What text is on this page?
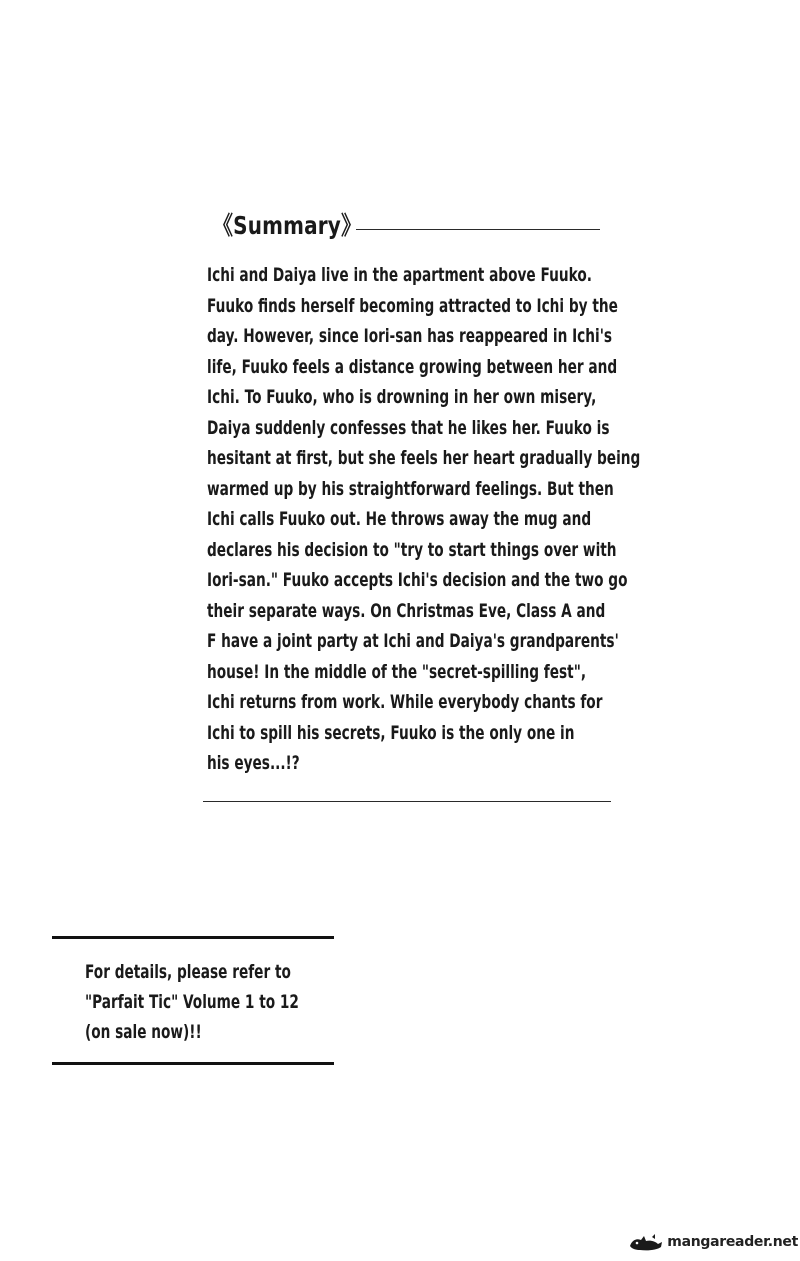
《Summary》
Ichi and Daiya live in the apartment above Fuuko.
Fuuko finds herself becoming attracted to Ichi by the
day. However, since Iori-san has reappeared in Ichi's
life, Fuuko feels a distance growing between her and
Ichi. To Fuuko, who is drowning in her own misery,
Daiya suddenly confesses that he likes her. Fuuko is
hesitant at first, but she feels her heart gradually being
warmed up by his straightforward feelings. But then
Ichi calls Fuuko out. He throws away the mug and
declares his decision to "try to start things over with
Iori-san." Fuuko accepts Ichi's decision and the two go
their separate ways. On Christmas Eve, Class A and
F have a joint party at Ichi and Daiya's grandparents'
house! In the middle of the "secret-spilling fest",
Ichi returns from work. While everybody chants for
Ichi to spill his secrets, Fuuko is the only one in
his eyes...!?
For details, please refer to
"Parfait Tic" Volume 1 to 12
(on sale now)!!
mangareader.net
